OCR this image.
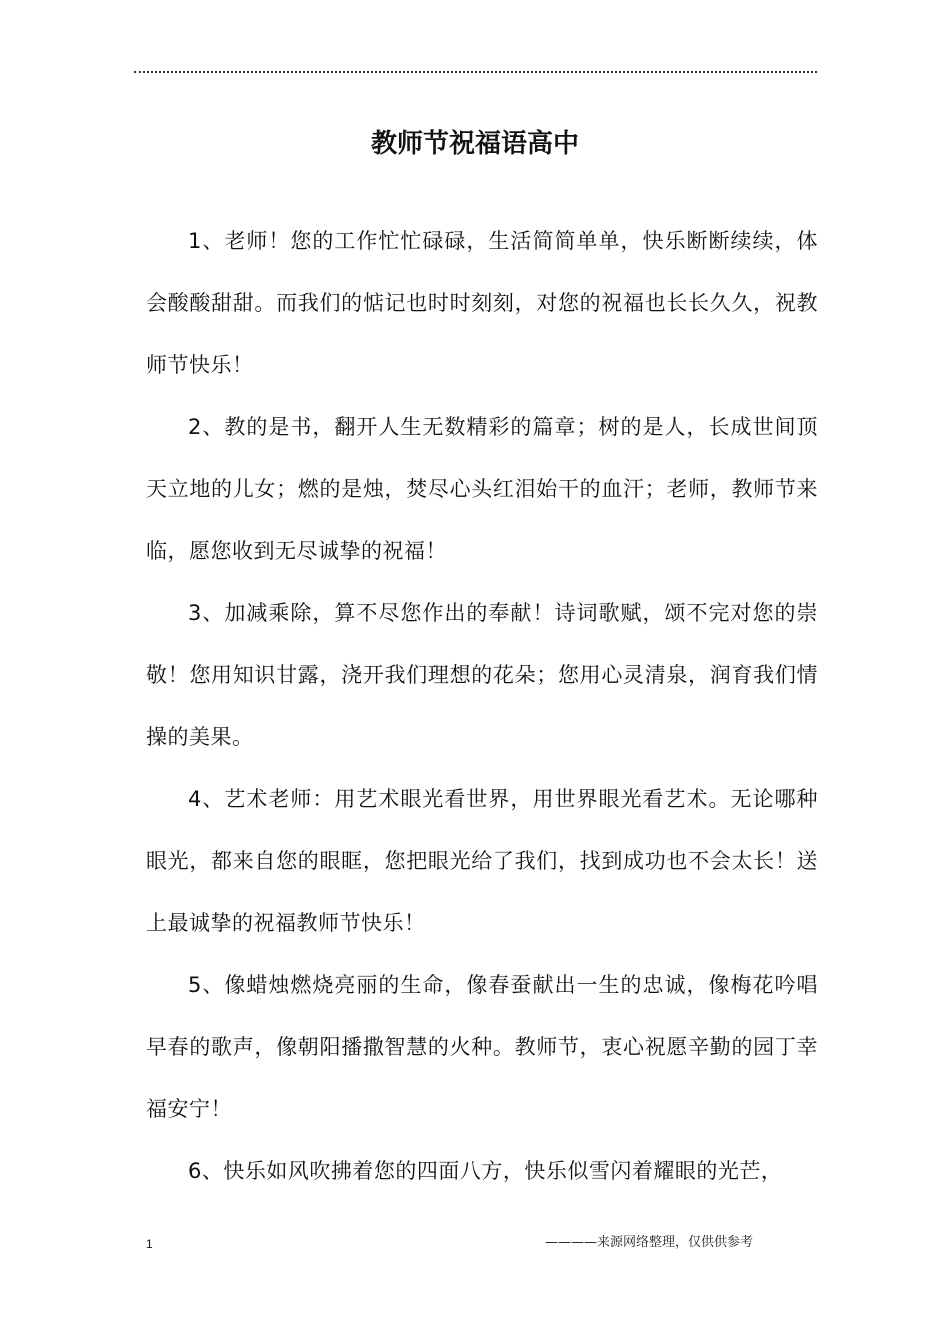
教师节祝福语高中

1、老师！您的工作忙忙碌碌，生活简简单单，快乐断断续续，体会酸酸甜甜。而我们的惦记也时时刻刻，对您的祝福也长长久久，祝教师节快乐！

2、教的是书，翻开人生无数精彩的篇章；树的是人，长成世间顶天立地的儿女；燃的是烛，焚尽心头红泪始干的血汗；老师，教师节来临，愿您收到无尽诚挚的祝福！

3、加减乘除，算不尽您作出的奉献！诗词歌赋，颂不完对您的崇敬！您用知识甘露，浇开我们理想的花朵；您用心灵清泉，润育我们情操的美果。

4、艺术老师：用艺术眼光看世界，用世界眼光看艺术。无论哪种眼光，都来自您的眼眶，您把眼光给了我们，找到成功也不会太长！送上最诚挚的祝福教师节快乐！

5、像蜡烛燃烧亮丽的生命，像春蚕献出一生的忠诚，像梅花吟唱早春的歌声，像朝阳播撒智慧的火种。教师节，衷心祝愿辛勤的园丁幸福安宁！

6、快乐如风吹拂着您的四面八方，快乐似雪闪着耀眼的光芒，

1	————来源网络整理，仅供供参考
